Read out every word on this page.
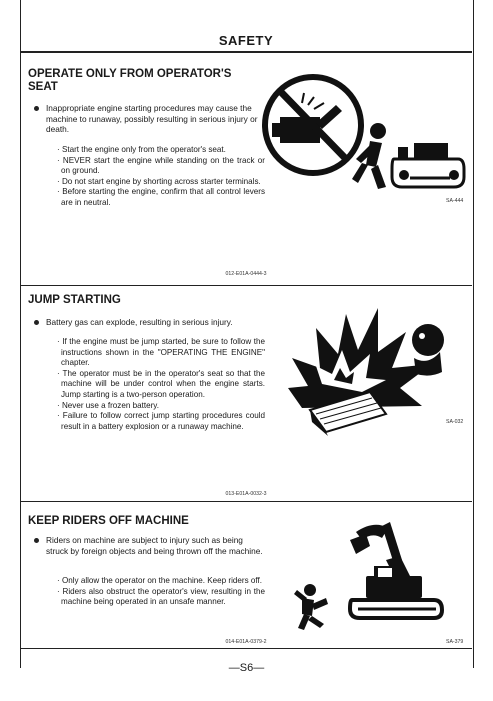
SAFETY
OPERATE ONLY FROM OPERATOR'S
SEAT
Inappropriate engine starting procedures may cause the machine to runaway, possibly resulting in serious injury or death.

· Start the engine only from the operator's seat.

· NEVER start the engine while standing on the track or on ground.

· Do not start engine by shorting across starter terminals.

· Before starting the engine, confirm that all control levers are in neutral.	SA-444
012-E01A-0444-3
JUMP STARTING
Battery gas can explode, resulting in serious injury.

· If the engine must be jump started, be sure to follow the instructions shown in the "OPERATING THE ENGINE" chapter.

· The operator must be in the operator's seat so that the machine will be under control when the engine starts. Jump starting is a two-person operation.

· Never use a frozen battery.

· Failure to follow correct jump starting procedures could result in a battery explosion or a runaway machine.	SA-032
013-E01A-0032-3
KEEP RIDERS OFF MACHINE
Riders on machine are subject to injury such as being struck by foreign objects and being thrown off the machine.

· Only allow the operator on the machine. Keep riders off.

· Riders also obstruct the operator's view, resulting in the machine being operated in an unsafe manner.

SA-379
014-E01A-0379-2
—S6—
